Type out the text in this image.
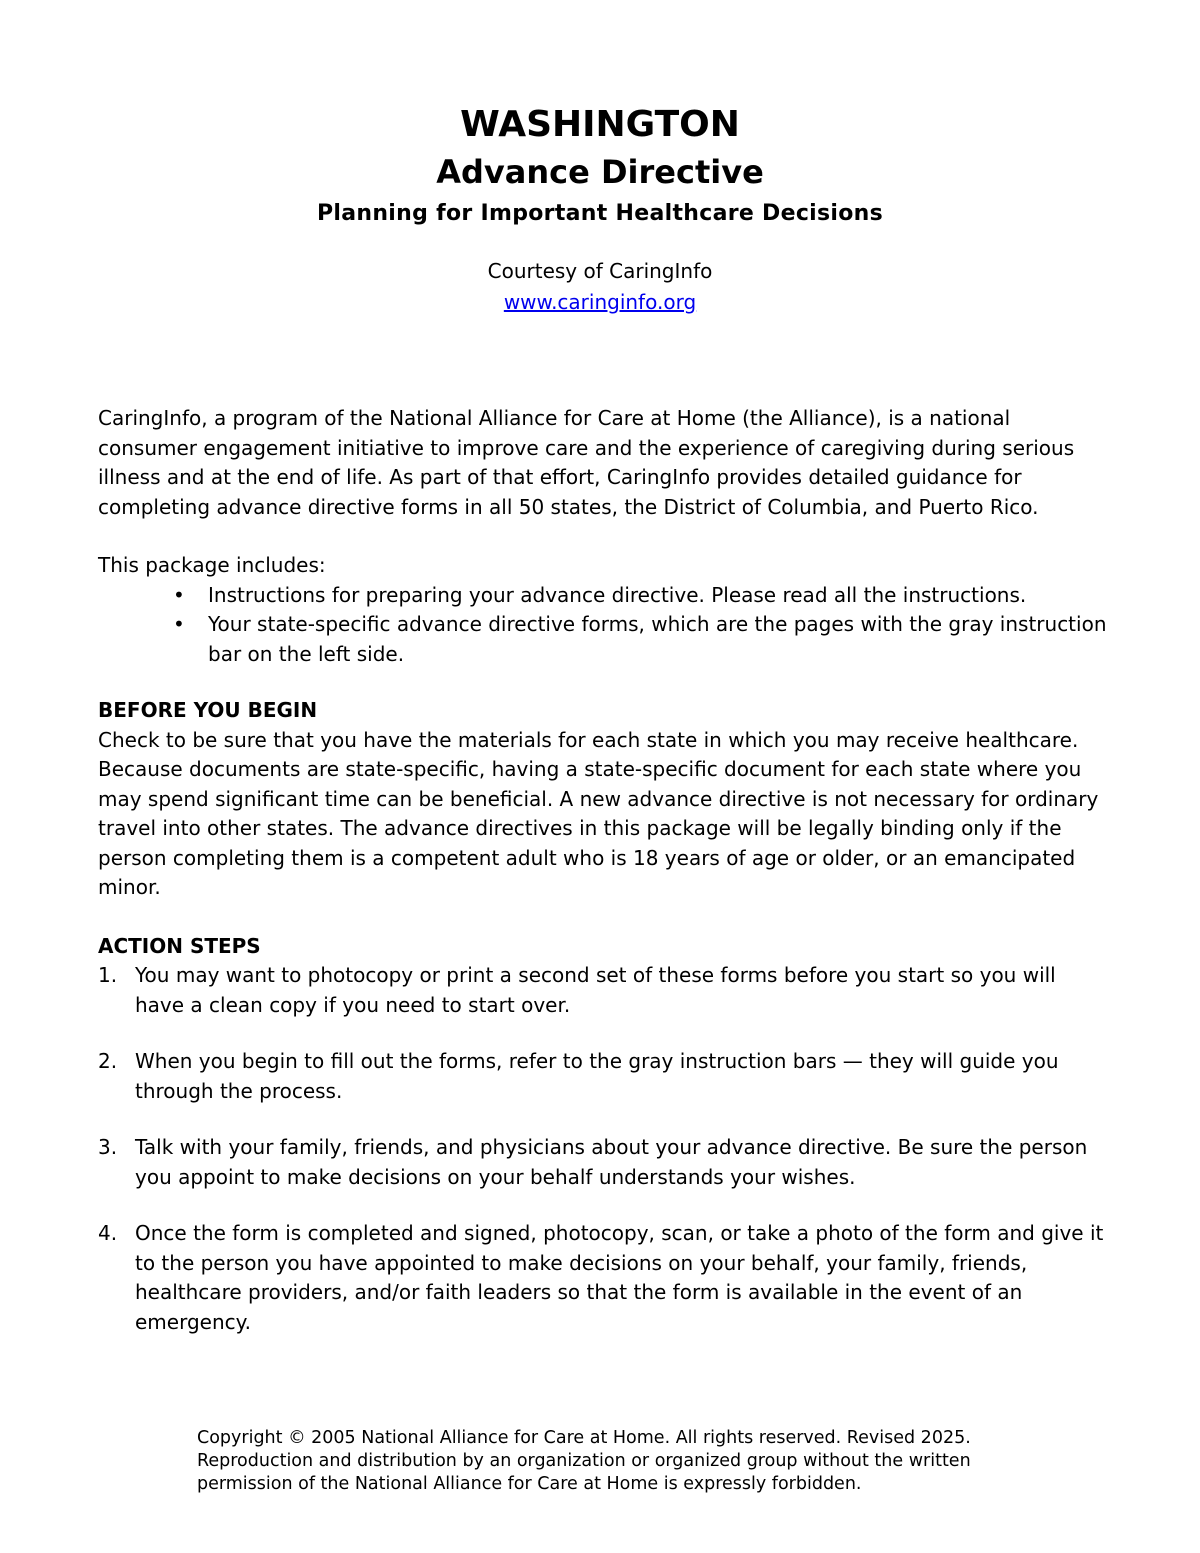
WASHINGTON
Advance Directive
Planning for Important Healthcare Decisions
Courtesy of CaringInfo
www.caringinfo.org

CaringInfo, a program of the National Alliance for Care at Home (the Alliance), is a national consumer engagement initiative to improve care and the experience of caregiving during serious illness and at the end of life. As part of that effort, CaringInfo provides detailed guidance for completing advance directive forms in all 50 states, the District of Columbia, and Puerto Rico.

This package includes:

• Instructions for preparing your advance directive. Please read all the instructions.
• Your state-specific advance directive forms, which are the pages with the gray instruction bar on the left side.

BEFORE YOU BEGIN

Check to be sure that you have the materials for each state in which you may receive healthcare. Because documents are state-specific, having a state-specific document for each state where you may spend significant time can be beneficial. A new advance directive is not necessary for ordinary travel into other states. The advance directives in this package will be legally binding only if the person completing them is a competent adult who is 18 years of age or older, or an emancipated minor.

ACTION STEPS

1. You may want to photocopy or print a second set of these forms before you start so you will have a clean copy if you need to start over.
2. When you begin to fill out the forms, refer to the gray instruction bars — they will guide you through the process.
3. Talk with your family, friends, and physicians about your advance directive. Be sure the person you appoint to make decisions on your behalf understands your wishes.
4. Once the form is completed and signed, photocopy, scan, or take a photo of the form and give it to the person you have appointed to make decisions on your behalf, your family, friends, healthcare providers, and/or faith leaders so that the form is available in the event of an emergency.
Copyright © 2005 National Alliance for Care at Home. All rights reserved. Revised 2025.
Reproduction and distribution by an organization or organized group without the written permission of the National Alliance for Care at Home is expressly forbidden.
